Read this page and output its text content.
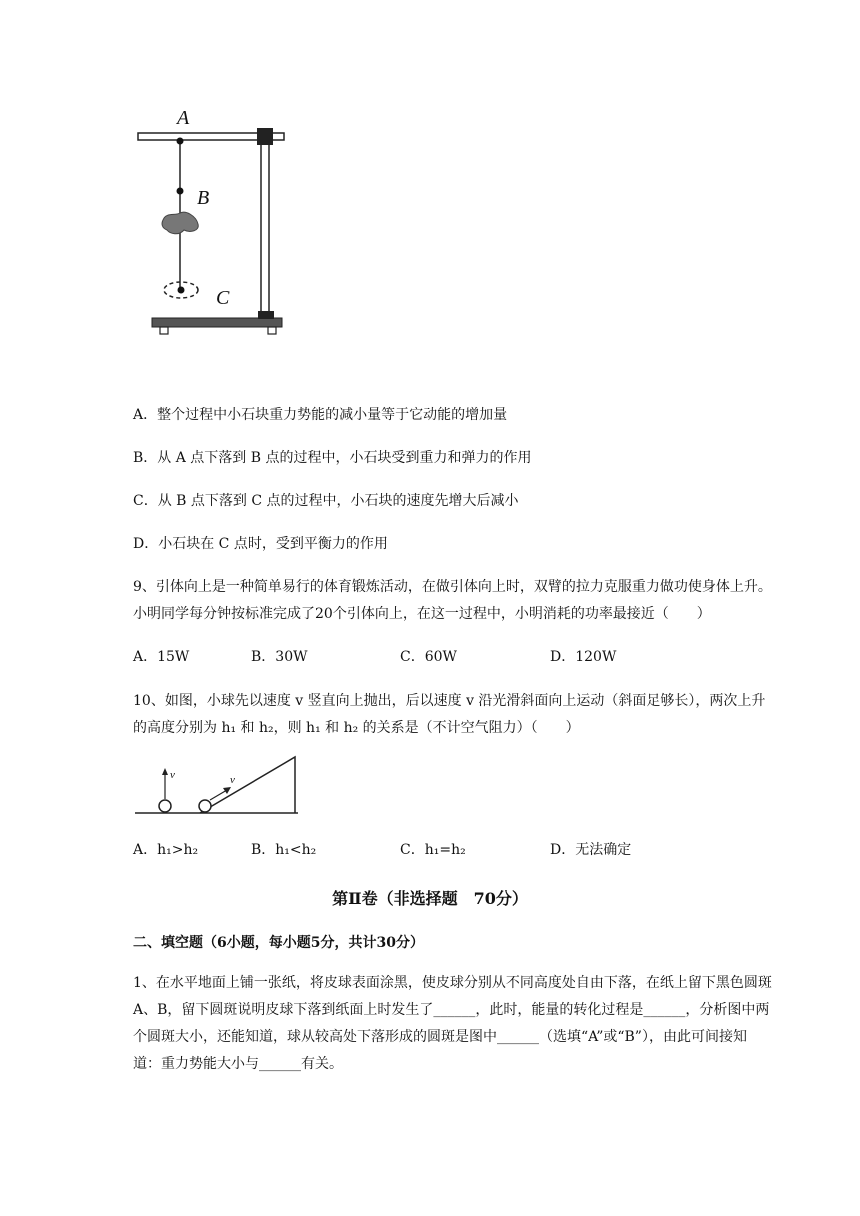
A
B
C
A．整个过程中小石块重力势能的减小量等于它动能的增加量
B．从 A 点下落到 B 点的过程中，小石块受到重力和弹力的作用
C．从 B 点下落到 C 点的过程中，小石块的速度先增大后减小
D．小石块在 C 点时，受到平衡力的作用
9、引体向上是一种简单易行的体育锻炼活动，在做引体向上时，双臂的拉力克服重力做功使身体上升。小明同学每分钟按标准完成了20个引体向上，在这一过程中，小明消耗的功率最接近（　　）
A．15W	B．30W	C．60W	D．120W
10、如图，小球先以速度 v 竖直向上抛出，后以速度 v 沿光滑斜面向上运动（斜面足够长），两次上升的高度分别为 h₁ 和 h₂，则 h₁ 和 h₂ 的关系是（不计空气阻力）（　　）
v	v
A．h₁>h₂	B．h₁<h₂	C．h₁=h₂	D．无法确定
第Ⅱ卷（非选择题　70分）
二、填空题（6小题，每小题5分，共计30分）
1、在水平地面上铺一张纸，将皮球表面涂黑，使皮球分别从不同高度处自由下落，在纸上留下黑色圆斑A、B，留下圆斑说明皮球下落到纸面上时发生了______，此时，能量的转化过程是______，分析图中两个圆斑大小，还能知道，球从较高处下落形成的圆斑是图中______（选填“A”或“B”），由此可间接知道：重力势能大小与______有关。
